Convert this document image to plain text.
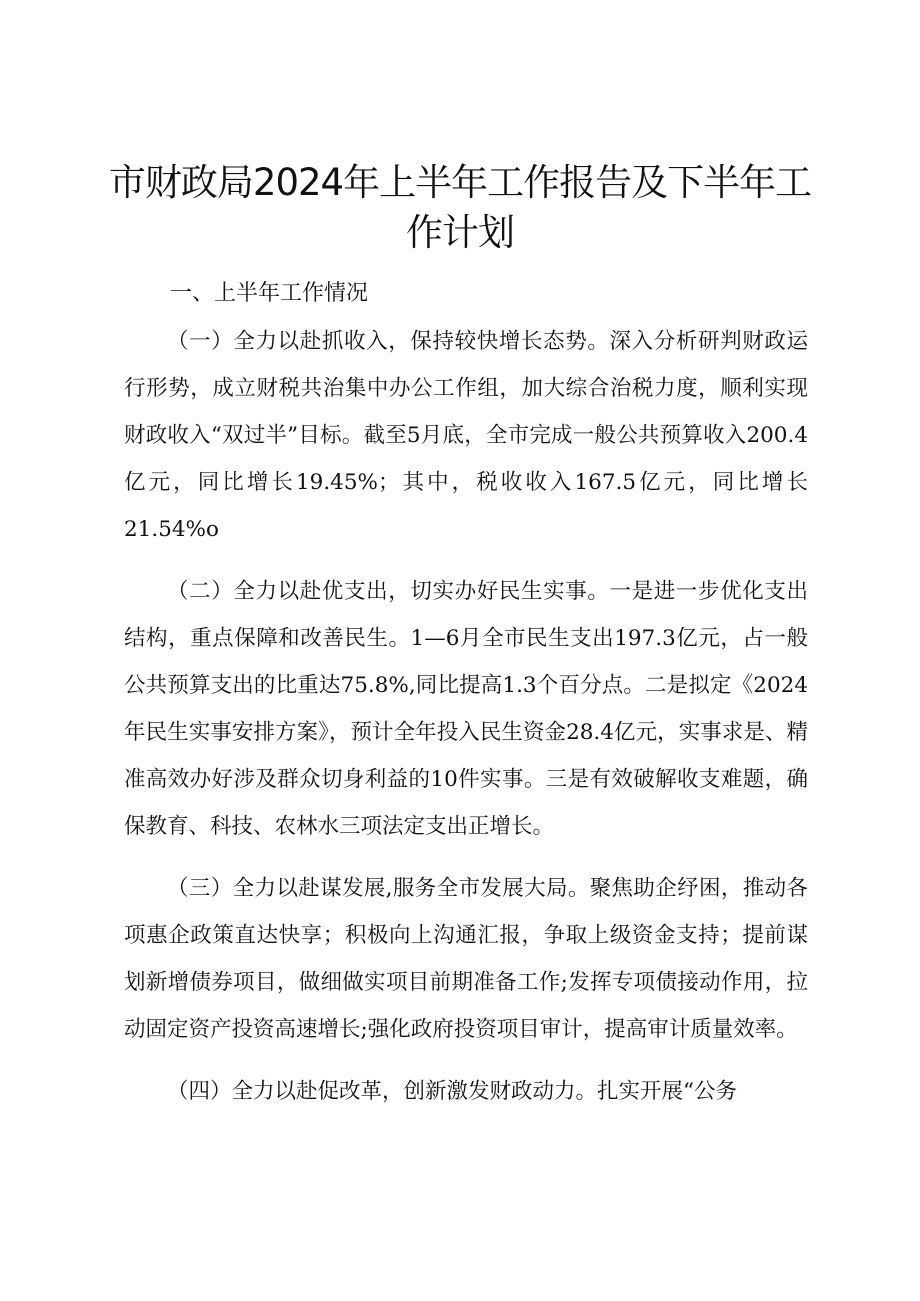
市财政局2024年上半年工作报告及下半年工作计划
一、上半年工作情况

（一）全力以赴抓收入，保持较快增长态势。深入分析研判财政运行形势，成立财税共治集中办公工作组，加大综合治税力度，顺利实现财政收入“双过半”目标。截至5月底，全市完成一般公共预算收入200.4亿元，同比增长19.45%；其中，税收收入167.5亿元，同比增长21.54%o

（二）全力以赴优支出，切实办好民生实事。一是进一步优化支出结构，重点保障和改善民生。1—6月全市民生支出197.3亿元，占一般公共预算支出的比重达75.8%,同比提高1.3个百分点。二是拟定《2024年民生实事安排方案》，预计全年投入民生资金28.4亿元，实事求是、精准高效办好涉及群众切身利益的10件实事。三是有效破解收支难题，确保教育、科技、农林水三项法定支出正增长。

（三）全力以赴谋发展,服务全市发展大局。聚焦助企纾困，推动各项惠企政策直达快享；积极向上沟通汇报，争取上级资金支持；提前谋划新增债券项目，做细做实项目前期准备工作;发挥专项债接动作用，拉动固定资产投资高速增长;强化政府投资项目审计，提高审计质量效率。

（四）全力以赴促改革，创新激发财政动力。扎实开展“公务
